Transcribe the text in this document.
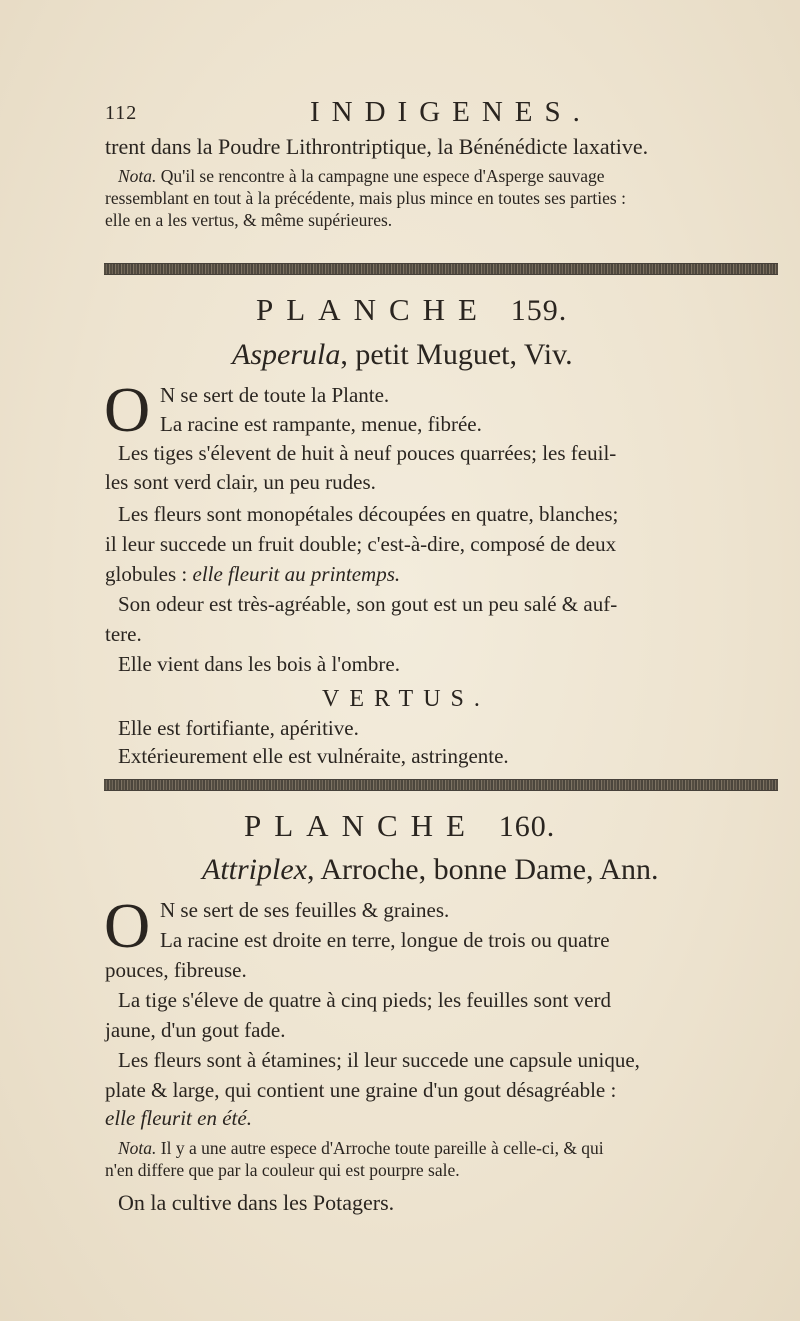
112	INDIGENES.
trent dans la Poudre Lithrontriptique, la Bénénédicte laxative.
Nota. Qu'il se rencontre à la campagne une espece d'Asperge sauvage
ressemblant en tout à la précédente, mais plus mince en toutes ses parties :
elle en a les vertus, & même supérieures.
PLANCHE 159.
Asperula, petit Muguet, Viv.
O N se sert de toute la Plante.
La racine est rampante, menue, fibrée.
Les tiges s'élevent de huit à neuf pouces quarrées; les feuil-
les sont verd clair, un peu rudes.
Les fleurs sont monopétales découpées en quatre, blanches;
il leur succede un fruit double; c'est-à-dire, composé de deux
globules : elle fleurit au printemps.
Son odeur est très-agréable, son gout est un peu salé & auf-
tere.
Elle vient dans les bois à l'ombre.
VERTUS.
Elle est fortifiante, apéritive.
Extérieurement elle est vulnéraite, astringente.
PLANCHE 160.
Attriplex, Arroche, bonne Dame, Ann.
O N se sert de ses feuilles & graines.
La racine est droite en terre, longue de trois ou quatre
pouces, fibreuse.
La tige s'éleve de quatre à cinq pieds; les feuilles sont verd
jaune, d'un gout fade.
Les fleurs sont à étamines; il leur succede une capsule unique,
plate & large, qui contient une graine d'un gout désagréable :
elle fleurit en été.
Nota. Il y a une autre espece d'Arroche toute pareille à celle-ci, & qui
n'en differe que par la couleur qui est pourpre sale.
On la cultive dans les Potagers.
